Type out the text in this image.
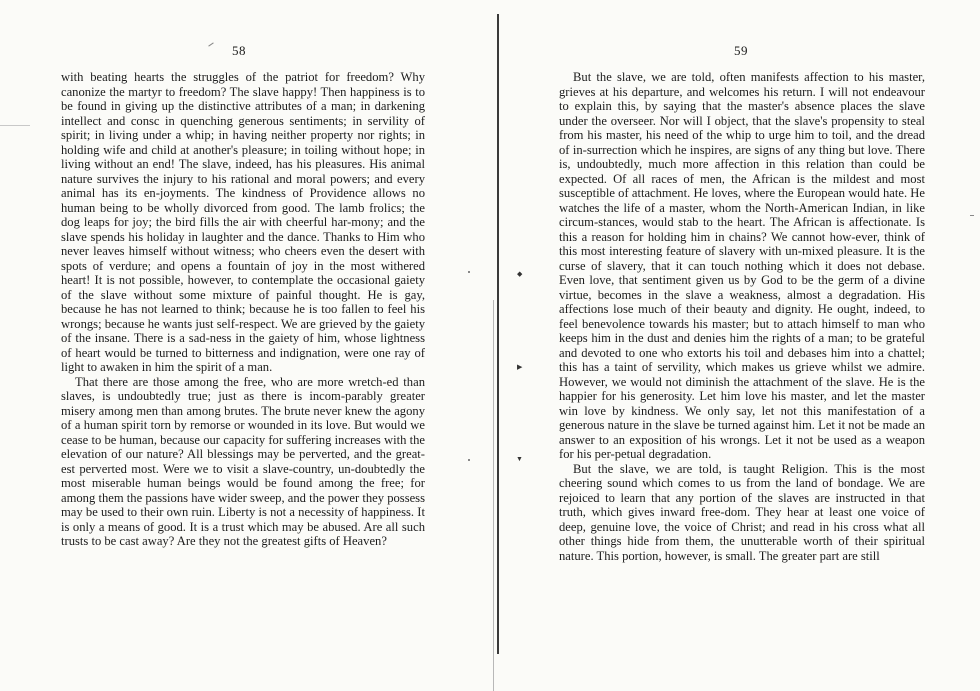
58

with beating hearts the struggles of the patriot for freedom? Why canonize the martyr to freedom? The slave happy! Then happiness is to be found in giving up the distinctive attributes of a man; in darkening intellect and consc in quenching generous sentiments; in servility of spirit; in living under a whip; in having neither property nor rights; in holding wife and child at another's pleasure; in toiling without hope; in living without an end! The slave, indeed, has his pleasures. His animal nature survives the injury to his rational and moral powers; and every animal has its en-joyments. The kindness of Providence allows no human being to be wholly divorced from good. The lamb frolics; the dog leaps for joy; the bird fills the air with cheerful har-mony; and the slave spends his holiday in laughter and the dance. Thanks to Him who never leaves himself without witness; who cheers even the desert with spots of verdure; and opens a fountain of joy in the most withered heart! It is not possible, however, to contemplate the occasional gaiety of the slave without some mixture of painful thought. He is gay, because he has not learned to think; because he is too fallen to feel his wrongs; because he wants just self-respect. We are grieved by the gaiety of the insane. There is a sad-ness in the gaiety of him, whose lightness of heart would be turned to bitterness and indignation, were one ray of light to awaken in him the spirit of a man.

That there are those among the free, who are more wretch-ed than slaves, is undoubtedly true; just as there is incom-parably greater misery among men than among brutes. The brute never knew the agony of a human spirit torn by remorse or wounded in its love. But would we cease to be human, because our capacity for suffering increases with the elevation of our nature? All blessings may be perverted, and the great-est perverted most. Were we to visit a slave-country, un-doubtedly the most miserable human beings would be found among the free; for among them the passions have wider sweep, and the power they possess may be used to their own ruin. Liberty is not a necessity of happiness. It is only a means of good. It is a trust which may be abused. Are all such trusts to be cast away? Are they not the greatest gifts of Heaven?

59

But the slave, we are told, often manifests affection to his master, grieves at his departure, and welcomes his return. I will not endeavour to explain this, by saying that the master's absence places the slave under the overseer. Nor will I object, that the slave's propensity to steal from his master, his need of the whip to urge him to toil, and the dread of in-surrection which he inspires, are signs of any thing but love. There is, undoubtedly, much more affection in this relation than could be expected. Of all races of men, the African is the mildest and most susceptible of attachment. He loves, where the European would hate. He watches the life of a master, whom the North-American Indian, in like circum-stances, would stab to the heart. The African is affectionate. Is this a reason for holding him in chains? We cannot how-ever, think of this most interesting feature of slavery with un-mixed pleasure. It is the curse of slavery, that it can touch nothing which it does not debase. Even love, that sentiment given us by God to be the germ of a divine virtue, becomes in the slave a weakness, almost a degradation. His affections lose much of their beauty and dignity. He ought, indeed, to feel benevolence towards his master; but to attach himself to man who keeps him in the dust and denies him the rights of a man; to be grateful and devoted to one who extorts his toil and debases him into a chattel; this has a taint of servility, which makes us grieve whilst we admire. However, we would not diminish the attachment of the slave. He is the happier for his generosity. Let him love his master, and let the master win love by kindness. We only say, let not this manifestation of a generous nature in the slave be turned against him. Let it not be made an answer to an exposition of his wrongs. Let it not be used as a weapon for his per-petual degradation.

But the slave, we are told, is taught Religion. This is the most cheering sound which comes to us from the land of bondage. We are rejoiced to learn that any portion of the slaves are instructed in that truth, which gives inward free-dom. They hear at least one voice of deep, genuine love, the voice of Christ; and read in his cross what all other things hide from them, the unutterable worth of their spiritual nature. This portion, however, is small. The greater part are still

◆
▶
▼
